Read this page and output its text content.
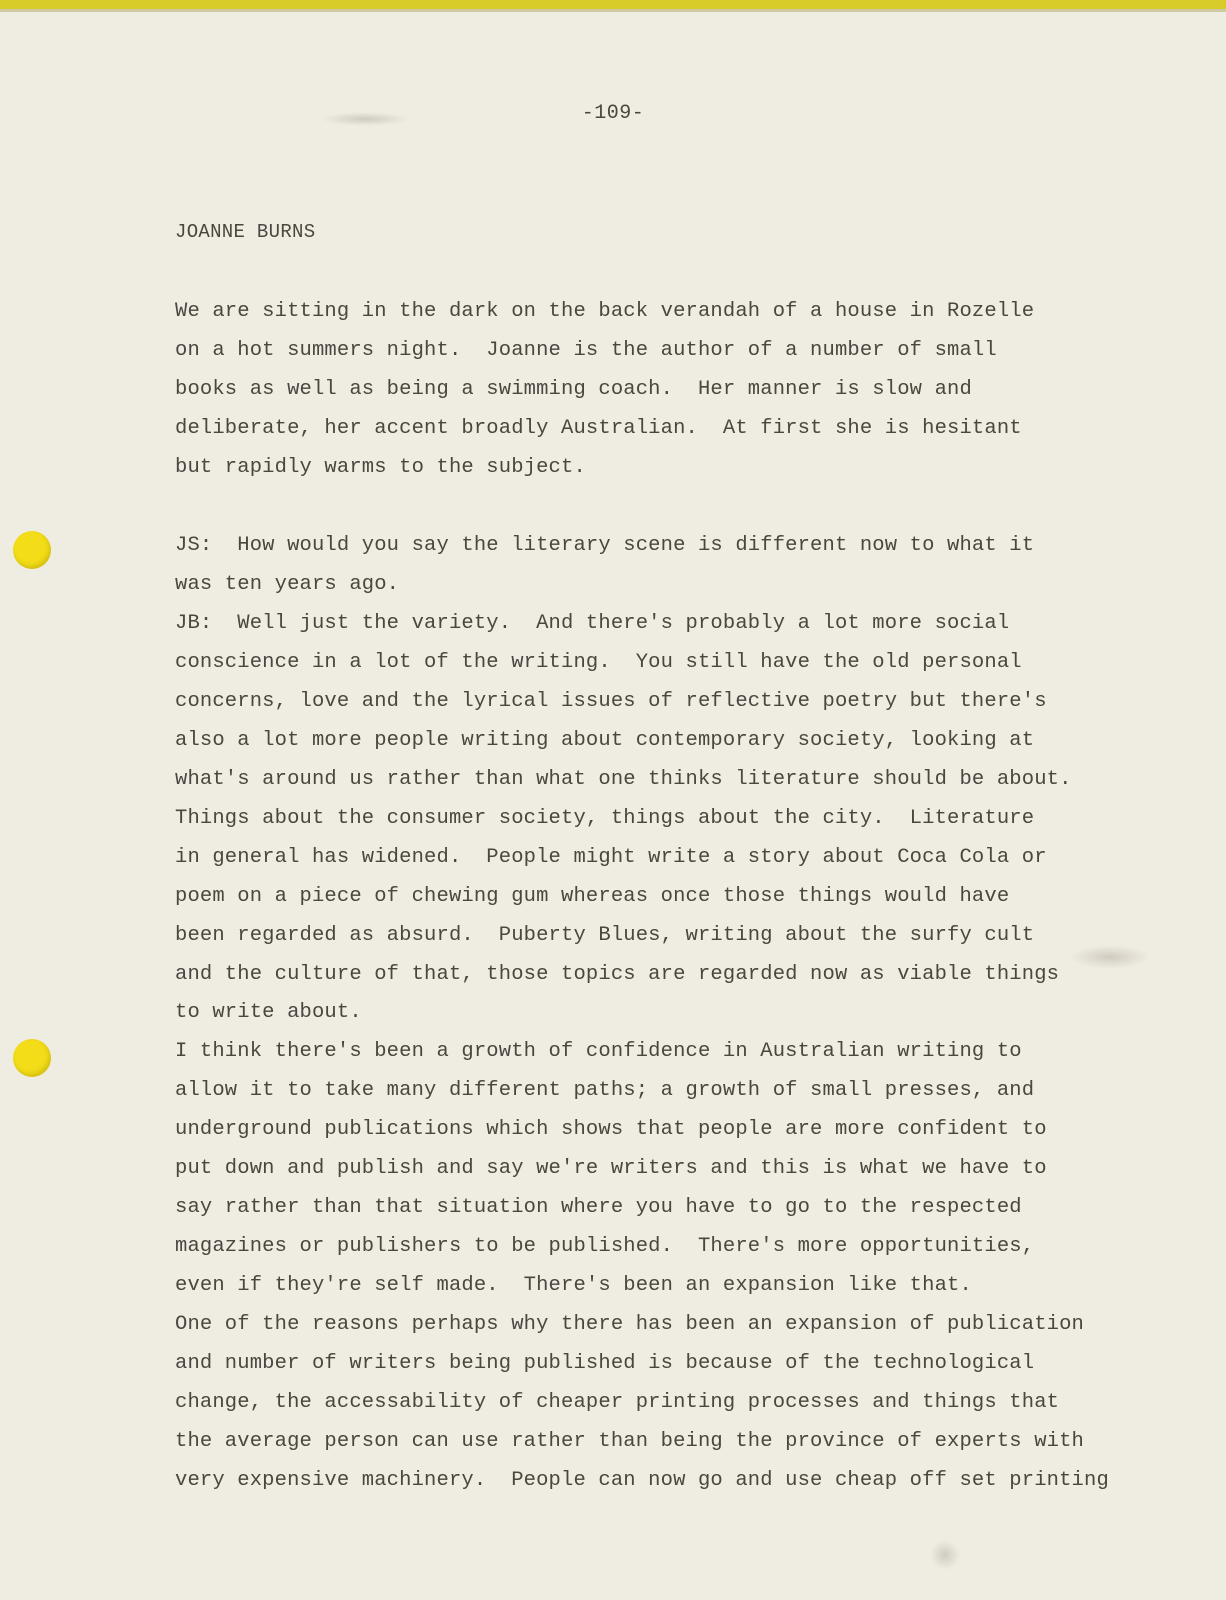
-109-
JOANNE BURNS
We are sitting in the dark on the back verandah of a house in Rozelle
on a hot summers night.  Joanne is the author of a number of small
books as well as being a swimming coach.  Her manner is slow and
deliberate, her accent broadly Australian.  At first she is hesitant
but rapidly warms to the subject.
JS:  How would you say the literary scene is different now to what it
was ten years ago.
JB:  Well just the variety.  And there's probably a lot more social
conscience in a lot of the writing.  You still have the old personal
concerns, love and the lyrical issues of reflective poetry but there's
also a lot more people writing about contemporary society, looking at
what's around us rather than what one thinks literature should be about.
Things about the consumer society, things about the city.  Literature
in general has widened.  People might write a story about Coca Cola or
poem on a piece of chewing gum whereas once those things would have
been regarded as absurd.  Puberty Blues, writing about the surfy cult
and the culture of that, those topics are regarded now as viable things
to write about.
I think there's been a growth of confidence in Australian writing to
allow it to take many different paths; a growth of small presses, and
underground publications which shows that people are more confident to
put down and publish and say we're writers and this is what we have to
say rather than that situation where you have to go to the respected
magazines or publishers to be published.  There's more opportunities,
even if they're self made.  There's been an expansion like that.
One of the reasons perhaps why there has been an expansion of publication
and number of writers being published is because of the technological
change, the accessability of cheaper printing processes and things that
the average person can use rather than being the province of experts with
very expensive machinery.  People can now go and use cheap off set printing
